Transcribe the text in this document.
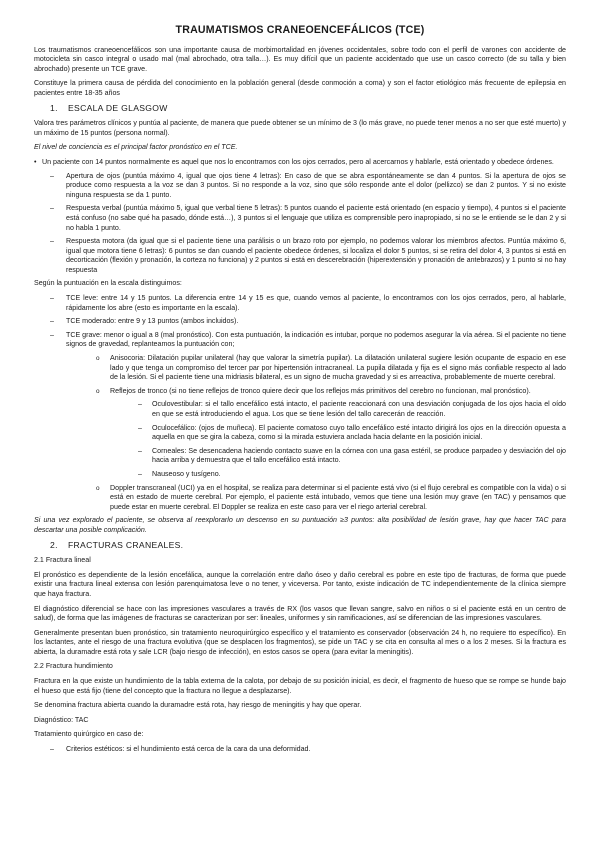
TRAUMATISMOS CRANEOENCEFÁLICOS (TCE)

Los traumatismos craneoencefálicos son una importante causa de morbimortalidad en jóvenes occidentales, sobre todo con el perfil de varones con accidente de motocicleta sin casco integral o usado mal (mal abrochado, otra talla…). Es muy difícil que un paciente accidentado que use un casco correcto (de su talla y bien abrochado) presente un TCE grave.

Constituye la primera causa de pérdida del conocimiento en la población general (desde conmoción a coma) y son el factor etiológico más frecuente de epilepsia en pacientes entre 18-35 años

1. ESCALA DE GLASGOW

Valora tres parámetros clínicos y puntúa al paciente, de manera que puede obtener se un mínimo de 3 (lo más grave, no puede tener menos a no ser que esté muerto) y un máximo de 15 puntos (persona normal).

El nivel de conciencia es el principal factor pronóstico en el TCE.

• Un paciente con 14 puntos normalmente es aquel que nos lo encontramos con los ojos cerrados, pero al acercarnos y hablarle, está orientado y obedece órdenes.
– Apertura de ojos (puntúa máximo 4, igual que ojos tiene 4 letras): En caso de que se abra espontáneamente se dan 4 puntos. Si la apertura de ojos se produce como respuesta a la voz se dan 3 puntos. Si no responde a la voz, sino que sólo responde ante el dolor (pellizco) se dan 2 puntos. Y si no existe ninguna respuesta se da 1 punto.
– Respuesta verbal (puntúa máximo 5, igual que verbal tiene 5 letras): 5 puntos cuando el paciente está orientado (en espacio y tiempo), 4 puntos si el paciente está confuso (no sabe qué ha pasado, dónde está…), 3 puntos si el lenguaje que utiliza es comprensible pero inapropiado, si no se le entiende se le dan 2 y si no habla 1 punto.
– Respuesta motora (da igual que si el paciente tiene una parálisis o un brazo roto por ejemplo, no podemos valorar los miembros afectos. Puntúa máximo 6, igual que motora tiene 6 letras): 6 puntos se dan cuando el paciente obedece órdenes, si localiza el dolor 5 puntos, si se retira del dolor 4, 3 puntos si está en decorticación (flexión y pronación, la corteza no funciona) y 2 puntos si está en descerebración (hiperextensión y pronación de antebrazos) y 1 punto si no hay respuesta

Según la puntuación en la escala distinguimos:

– TCE leve: entre 14 y 15 puntos. La diferencia entre 14 y 15 es que, cuando vemos al paciente, lo encontramos con los ojos cerrados, pero, al hablarle, rápidamente los abre (esto es importante en la escala).
– TCE moderado: entre 9 y 13 puntos (ambos incluidos).
– TCE grave: menor o igual a 8 (mal pronóstico). Con esta puntuación, la indicación es intubar, porque no podemos asegurar la vía aérea. Si el paciente no tiene signos de gravedad, replanteamos la puntuación con;
o Anisocoria: Dilatación pupilar unilateral (hay que valorar la simetría pupilar). La dilatación unilateral sugiere lesión ocupante de espacio en ese lado y que tenga un compromiso del tercer par por hipertensión intracraneal. La pupila dilatada y fija es el signo más confiable respecto al lado de la lesión. Si el paciente tiene una midriasis bilateral, es un signo de mucha gravedad y si es arreactiva, probablemente de muerte cerebral.
o Reflejos de tronco (si no tiene reflejos de tronco quiere decir que los reflejos más primitivos del cerebro no funcionan, mal pronóstico).
– Oculovestibular: si el tallo encefálico está intacto, el paciente reaccionará con una desviación conjugada de los ojos hacia el oído en que se está introduciendo el agua. Los que se tiene lesión del tallo carecerán de reacción.
– Oculocefálico: (ojos de muñeca). El paciente comatoso cuyo tallo encefálico esté intacto dirigirá los ojos en la dirección opuesta a aquella en que se gira la cabeza, como si la mirada estuviera anclada hacia delante en la posición inicial.
– Corneales: Se desencadena haciendo contacto suave en la córnea con una gasa estéril, se produce parpadeo y desviación del ojo hacia arriba y demuestra que el tallo encefálico está intacto.
– Nauseoso y tusígeno.
o Doppler transcraneal (UCI) ya en el hospital, se realiza para determinar si el paciente está vivo (si el flujo cerebral es compatible con la vida) o si está en estado de muerte cerebral. Por ejemplo, el paciente está intubado, vemos que tiene una lesión muy grave (en TAC) y pensamos que puede estar en muerte cerebral. El Doppler se realiza en este caso para ver el riego arterial cerebral.

Si una vez explorado el paciente, se observa al reexplorarlo un descenso en su puntuación ≥3 puntos: alta posibilidad de lesión grave, hay que hacer TAC para descartar una posible complicación.

2. FRACTURAS CRANEALES.
2.1 Fractura lineal

El pronóstico es dependiente de la lesión encefálica, aunque la correlación entre daño óseo y daño cerebral es pobre en este tipo de fracturas, de forma que puede existir una fractura lineal extensa con lesión parenquimatosa leve o no tener, y viceversa. Por tanto, existe indicación de TC independientemente de la clínica siempre que haya fractura.

El diagnóstico diferencial se hace con las impresiones vasculares a través de RX (los vasos que llevan sangre, salvo en niños o si el paciente está en un centro de salud), de forma que las imágenes de fracturas se caracterizan por ser: lineales, uniformes y sin ramificaciones, así se diferencian de las impresiones vasculares.

Generalmente presentan buen pronóstico, sin tratamiento neuroquirúrgico específico y el tratamiento es conservador (observación 24 h, no requiere tto específico). En los lactantes, ante el riesgo de una fractura evolutiva (que se desplacen los fragmentos), se pide un TAC y se cita en consulta al mes o a los 2 meses. Si la fractura es abierta, la duramadre está rota y sale LCR (bajo riesgo de infección), en estos casos se opera (para evitar la meningitis).

2.2 Fractura hundimiento

Fractura en la que existe un hundimiento de la tabla externa de la calota, por debajo de su posición inicial, es decir, el fragmento de hueso que se rompe se hunde bajo el hueso que está fijo (tiene del concepto que la fractura no llegue a desplazarse).

Se denomina fractura abierta cuando la duramadre está rota, hay riesgo de meningitis y hay que operar.

Diagnóstico: TAC

Tratamiento quirúrgico en caso de:

– Criterios estéticos: si el hundimiento está cerca de la cara da una deformidad.
